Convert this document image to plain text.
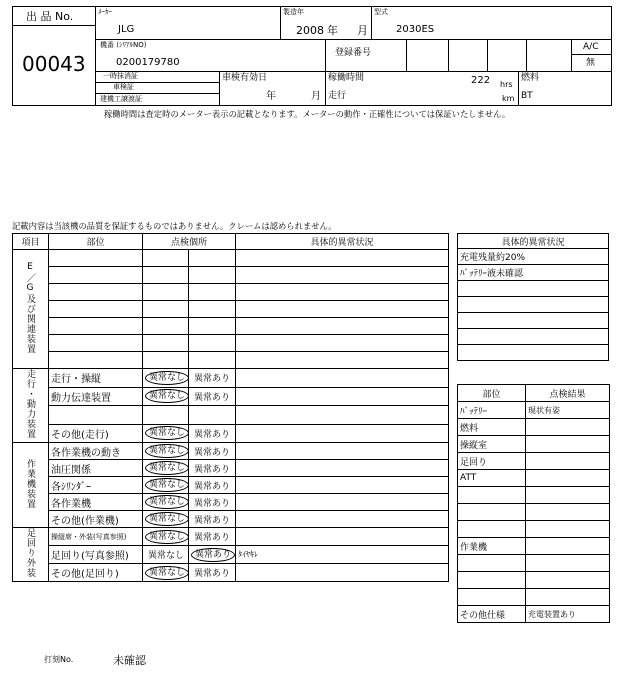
出 品 No.
00043
ﾒｰｶｰ
JLG
製造年
2008 年 月
型式
2030ES
機番 (ｼﾘｱﾙNO)
0200179780
登録番号
A/C
無
一時抹消証
車検証
建機工譲渡証
車検有効日
年	月
稼働時間	222 hrs
走行	km
燃料
BT
稼働時間は査定時のメーター表示の記載となります。メーターの動作・正確性については保証いたしません。
記載内容は当該機の品質を保証するものではありません。クレームは認められません。
項目	部位	点検個所		具体的異常状況
E／G及び関連装置				

走行・動力装置	走行・操縦	異常なし	異常あり	
	動力伝達装置	異常なし	異常あり	

	その他(走行)	異常なし	異常あり	
作業機装置	各作業機の動き	異常なし	異常あり	
	油圧関係	異常なし	異常あり	
	各ｼﾘﾝﾀﾞｰ	異常なし	異常あり	
	各作業機	異常なし	異常あり	
	その他(作業機)	異常なし	異常あり	
足回り外装	操縦席・外装(写真参照)	異常なし	異常あり	
	足回り(写真参照)	異常なし	異常あり	ﾀｲﾔｷﾚ
	その他(足回り)	異常なし	異常あり	
具体的異常状況
充電残量約20%
ﾊﾞｯﾃﾘｰ液未確認

部位	点検結果
ﾊﾞｯﾃﾘｰ	現状有姿
燃料	
操縦室	
足回り	
ATT	

作業機	

その他仕様	充電装置あり
打刻No.	未確認
